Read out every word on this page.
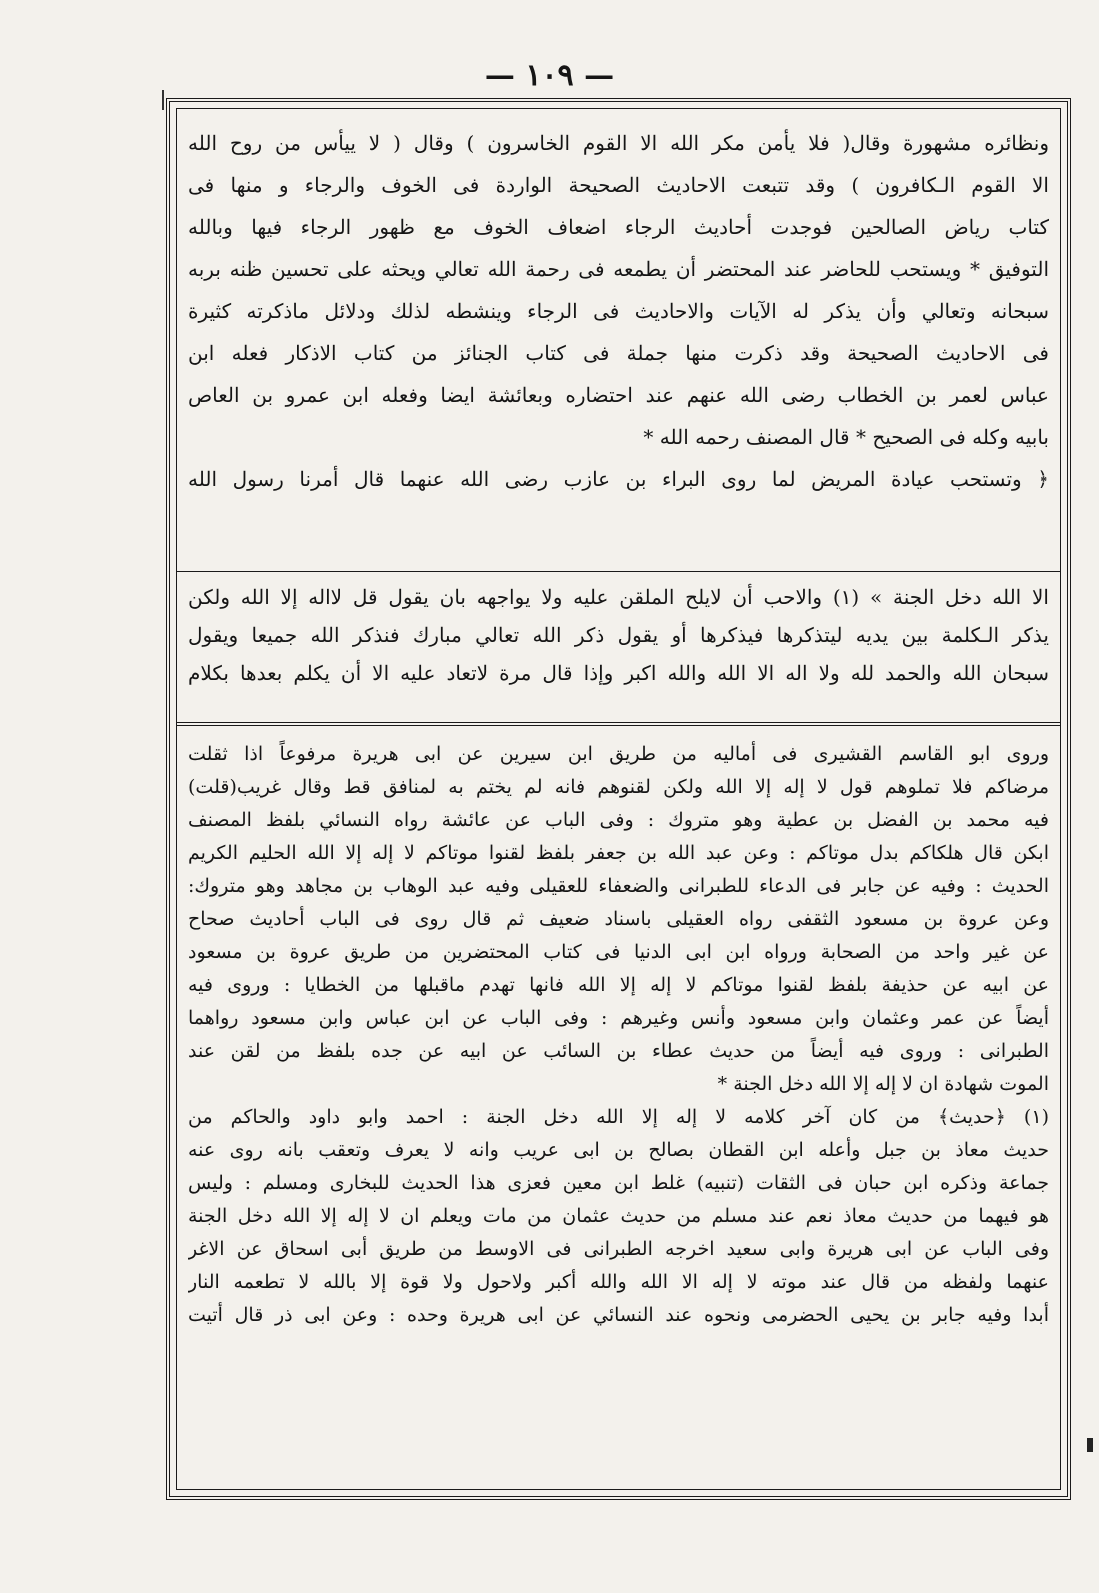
— ١٠٩ —
ونظائره مشهورة وقال( فلا يأمن مكر الله الا القوم الخاسرون ) وقال ( لا ييأس من روح الله
الا القوم الـكافرون ) وقد تتبعت الاحاديث الصحيحة الواردة فى الخوف والرجاء و منها فى
كتاب رياض الصالحين فوجدت أحاديث الرجاء اضعاف الخوف مع ظهور الرجاء فيها وبالله
التوفيق * ويستحب للحاضر عند المحتضر أن يطمعه فى رحمة الله تعالي ويحثه على تحسين ظنه بربه
سبحانه وتعالي وأن يذكر له الآيات والاحاديث فى الرجاء وينشطه لذلك ودلائل ماذكرته كثيرة
فى الاحاديث الصحيحة وقد ذكرت منها جملة فى كتاب الجنائز من كتاب الاذكار فعله ابن
عباس لعمر بن الخطاب رضى الله عنهم عند احتضاره وبعائشة ايضا وفعله ابن عمرو بن العاص
بابيه وكله فى الصحيح * قال المصنف رحمه الله *
﴿ وتستحب عيادة المريض لما روى البراء بن عازب رضى الله عنهما قال أمرنا رسول الله
الا الله دخل الجنة » (١) والاحب أن لايلح الملقن عليه ولا يواجهه بان يقول قل لااله إلا الله ولكن
يذكر الـكلمة بين يديه ليتذكرها فيذكرها أو يقول ذكر الله تعالي مبارك فنذكر الله جميعا ويقول
سبحان الله والحمد لله ولا اله الا الله والله اكبر وإذا قال مرة لاتعاد عليه الا أن يكلم بعدها بكلام
وروى ابو القاسم القشيرى فى أماليه من طريق ابن سيرين عن ابى هريرة مرفوعاً اذا ثقلت
مرضاكم فلا تملوهم قول لا إله إلا الله ولكن لقنوهم فانه لم يختم به لمنافق قط وقال غريب(قلت)
فيه محمد بن الفضل بن عطية وهو متروك : وفى الباب عن عائشة رواه النسائي بلفظ المصنف
ابكن قال هلكاكم بدل موتاكم : وعن عبد الله بن جعفر بلفظ لقنوا موتاكم لا إله إلا الله الحليم الكريم
الحديث : وفيه عن جابر فى الدعاء للطبرانى والضعفاء للعقيلى وفيه عبد الوهاب بن مجاهد وهو متروك:
وعن عروة بن مسعود الثقفى رواه العقيلى باسناد ضعيف ثم قال روى فى الباب أحاديث صحاح
عن غير واحد من الصحابة ورواه ابن ابى الدنيا فى كتاب المحتضرين من طريق عروة بن مسعود
عن ابيه عن حذيفة بلفظ لقنوا موتاكم لا إله إلا الله فانها تهدم ماقبلها من الخطايا : وروى فيه
أيضاً عن عمر وعثمان وابن مسعود وأنس وغيرهم : وفى الباب عن ابن عباس وابن مسعود رواهما
الطبرانى : وروى فيه أيضاً من حديث عطاء بن السائب عن ابيه عن جده بلفظ من لقن عند
الموت شهادة ان لا إله إلا الله دخل الجنة *
(١) ﴿حديث﴾ من كان آخر كلامه لا إله إلا الله دخل الجنة : احمد وابو داود والحاكم من
حديث معاذ بن جبل وأعله ابن القطان بصالح بن ابى عريب وانه لا يعرف وتعقب بانه روى عنه
جماعة وذكره ابن حبان فى الثقات (تنبيه) غلط ابن معين فعزى هذا الحديث للبخارى ومسلم : وليس
هو فيهما من حديث معاذ نعم عند مسلم من حديث عثمان من مات ويعلم ان لا إله إلا الله دخل الجنة
وفى الباب عن ابى هريرة وابى سعيد اخرجه الطبرانى فى الاوسط من طريق أبى اسحاق عن الاغر
عنهما ولفظه من قال عند موته لا إله الا الله والله أكبر ولاحول ولا قوة إلا بالله لا تطعمه النار
أبدا وفيه جابر بن يحيى الحضرمى ونحوه عند النسائي عن ابى هريرة وحده : وعن ابى ذر قال أتيت
